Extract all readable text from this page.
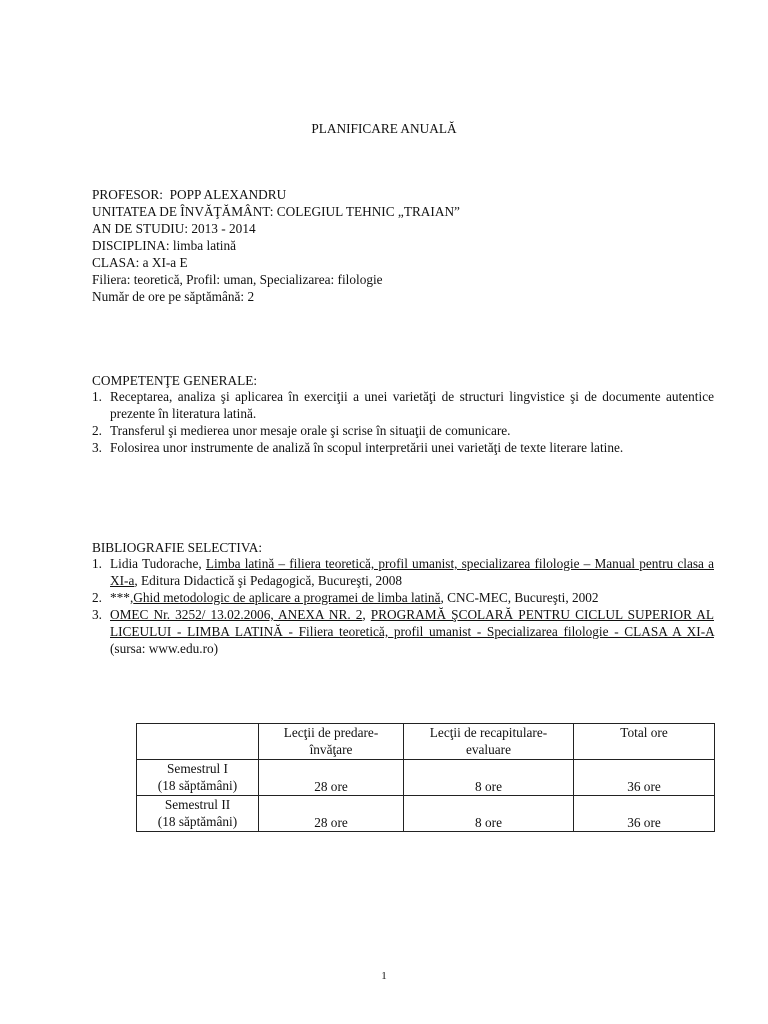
PLANIFICARE ANUALĂ
PROFESOR: POPP ALEXANDRU
UNITATEA DE ÎNVĂŢĂMÂNT: COLEGIUL TEHNIC „TRAIAN”
AN DE STUDIU: 2013 - 2014
DISCIPLINA: limba latină
CLASA: a XI-a E
Filiera: teoretică, Profil: uman, Specializarea: filologie
Număr de ore pe săptămână: 2
COMPETENŢE GENERALE:
1. Receptarea, analiza şi aplicarea în exerciţii a unei varietăţi de structuri lingvistice şi de documente autentice prezente în literatura latină.
2. Transferul şi medierea unor mesaje orale şi scrise în situaţii de comunicare.
3. Folosirea unor instrumente de analiză în scopul interpretării unei varietăţi de texte literare latine.
BIBLIOGRAFIE SELECTIVA:
1. Lidia Tudorache, Limba latină – filiera teoretică, profil umanist, specializarea filologie – Manual pentru clasa a XI-a, Editura Didactică şi Pedagogică, Bucureşti, 2008
2. ***,Ghid metodologic de aplicare a programei de limba latină, CNC-MEC, Bucureşti, 2002
3. OMEC Nr. 3252/ 13.02.2006, ANEXA NR. 2, PROGRAMĂ ŞCOLARĂ PENTRU CICLUL SUPERIOR AL LICEULUI - LIMBA LATINĂ - Filiera teoretică, profil umanist - Specializarea filologie - CLASA A XI-A (sursa: www.edu.ro)
	Lecţii de predare-învăţare	Lecţii de recapitulare-evaluare	Total ore

Semestrul I
(18 săptămâni)	28 ore	8 ore	36 ore

Semestrul II
(18 săptămâni)	28 ore	8 ore	36 ore
1
